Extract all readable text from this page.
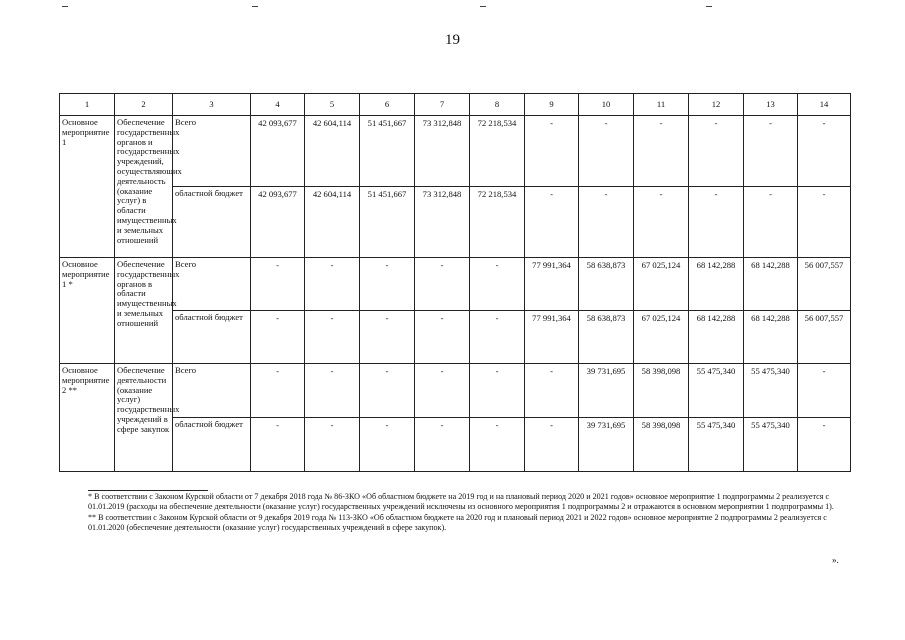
19
1	2	3	4	5	6	7	8	9	10	11	12	13	14
Основное мероприятие 1	Обеспечение государственных органов и государственных учреждений, осуществляющих деятельность (оказание услуг) в области имущественных и земельных отношений	Всего	42 093,677	42 604,114	51 451,667	73 312,848	72 218,534	-	-	-	-	-	-
		областной бюджет	42 093,677	42 604,114	51 451,667	73 312,848	72 218,534	-	-	-	-	-	-
Основное мероприятие 1 *	Обеспечение государственных органов в области имущественных и земельных отношений	Всего	-	-	-	-	-	77 991,364	58 638,873	67 025,124	68 142,288	68 142,288	56 007,557
		областной бюджет	-	-	-	-	-	77 991,364	58 638,873	67 025,124	68 142,288	68 142,288	56 007,557
Основное мероприятие 2 **	Обеспечение деятельности (оказание услуг) государственных учреждений в сфере закупок	Всего	-	-	-	-	-	-	39 731,695	58 398,098	55 475,340	55 475,340	-
		областной бюджет	-	-	-	-	-	-	39 731,695	58 398,098	55 475,340	55 475,340	-

* В соответствии с Законом Курской области от 7 декабря 2018 года № 86-ЗКО «Об областном бюджете на 2019 год и на плановый период 2020 и 2021 годов» основное мероприятие 1 подпрограммы 2 реализуется с 01.01.2019 (расходы на обеспечение деятельности (оказание услуг) государственных учреждений исключены из основного мероприятия 1 подпрограммы 2 и отражаются в основном мероприятии 1 подпрограммы 1).

** В соответствии с Законом Курской области от 9 декабря 2019 года № 113-ЗКО «Об областном бюджете на 2020 год и плановый период 2021 и 2022 годов» основное мероприятие 2 подпрограммы 2 реализуется с 01.01.2020 (обеспечение деятельности (оказание услуг) государственных учреждений в сфере закупок).

».
